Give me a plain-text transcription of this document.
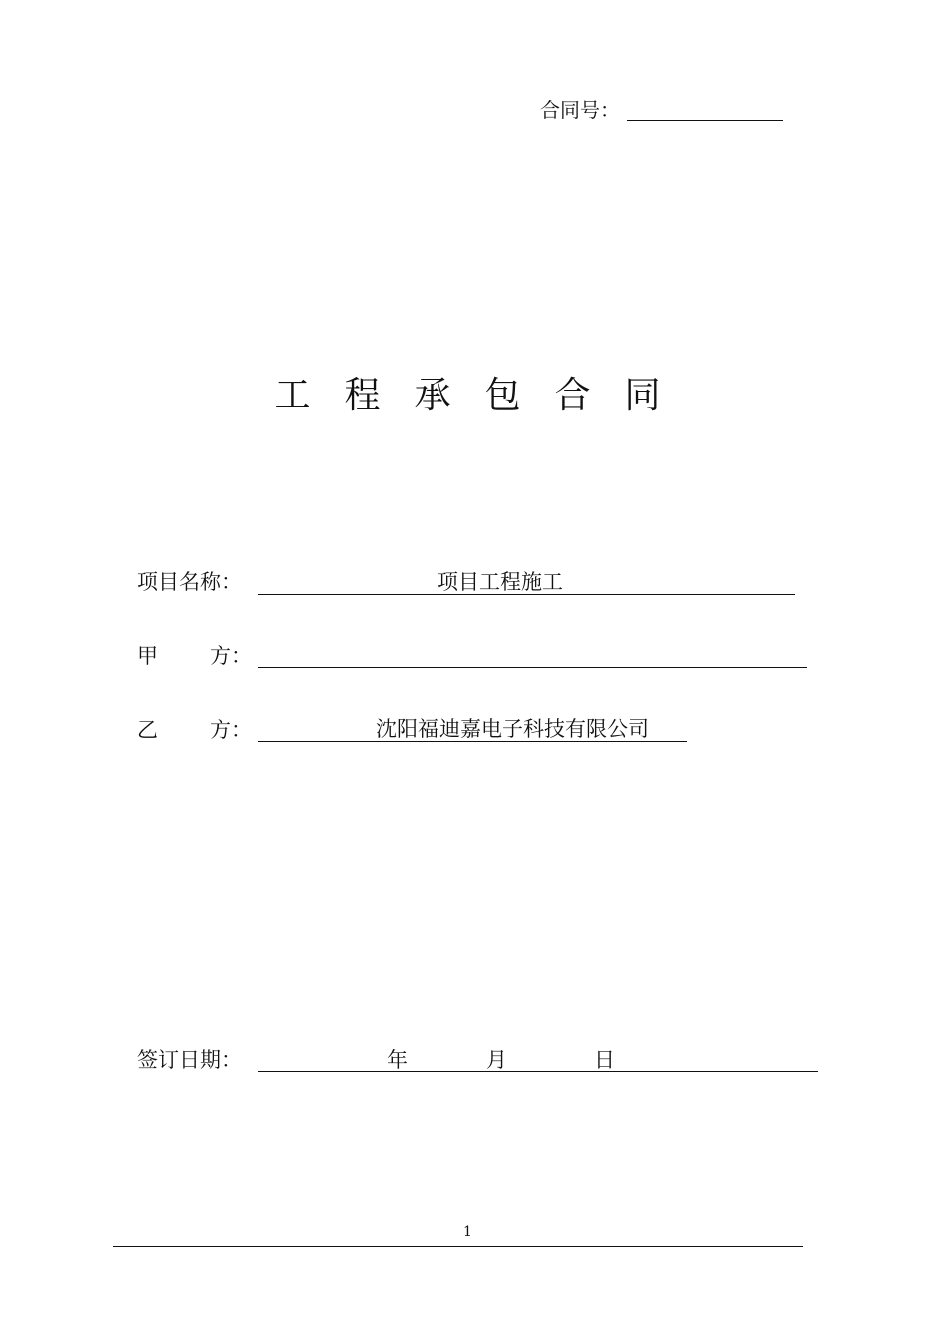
合同号：
工 程 承 包 合 同
项目名称：	项目工程施工
甲 方：
乙 方：	沈阳福迪嘉电子科技有限公司
签订日期：	年	月	日
1
